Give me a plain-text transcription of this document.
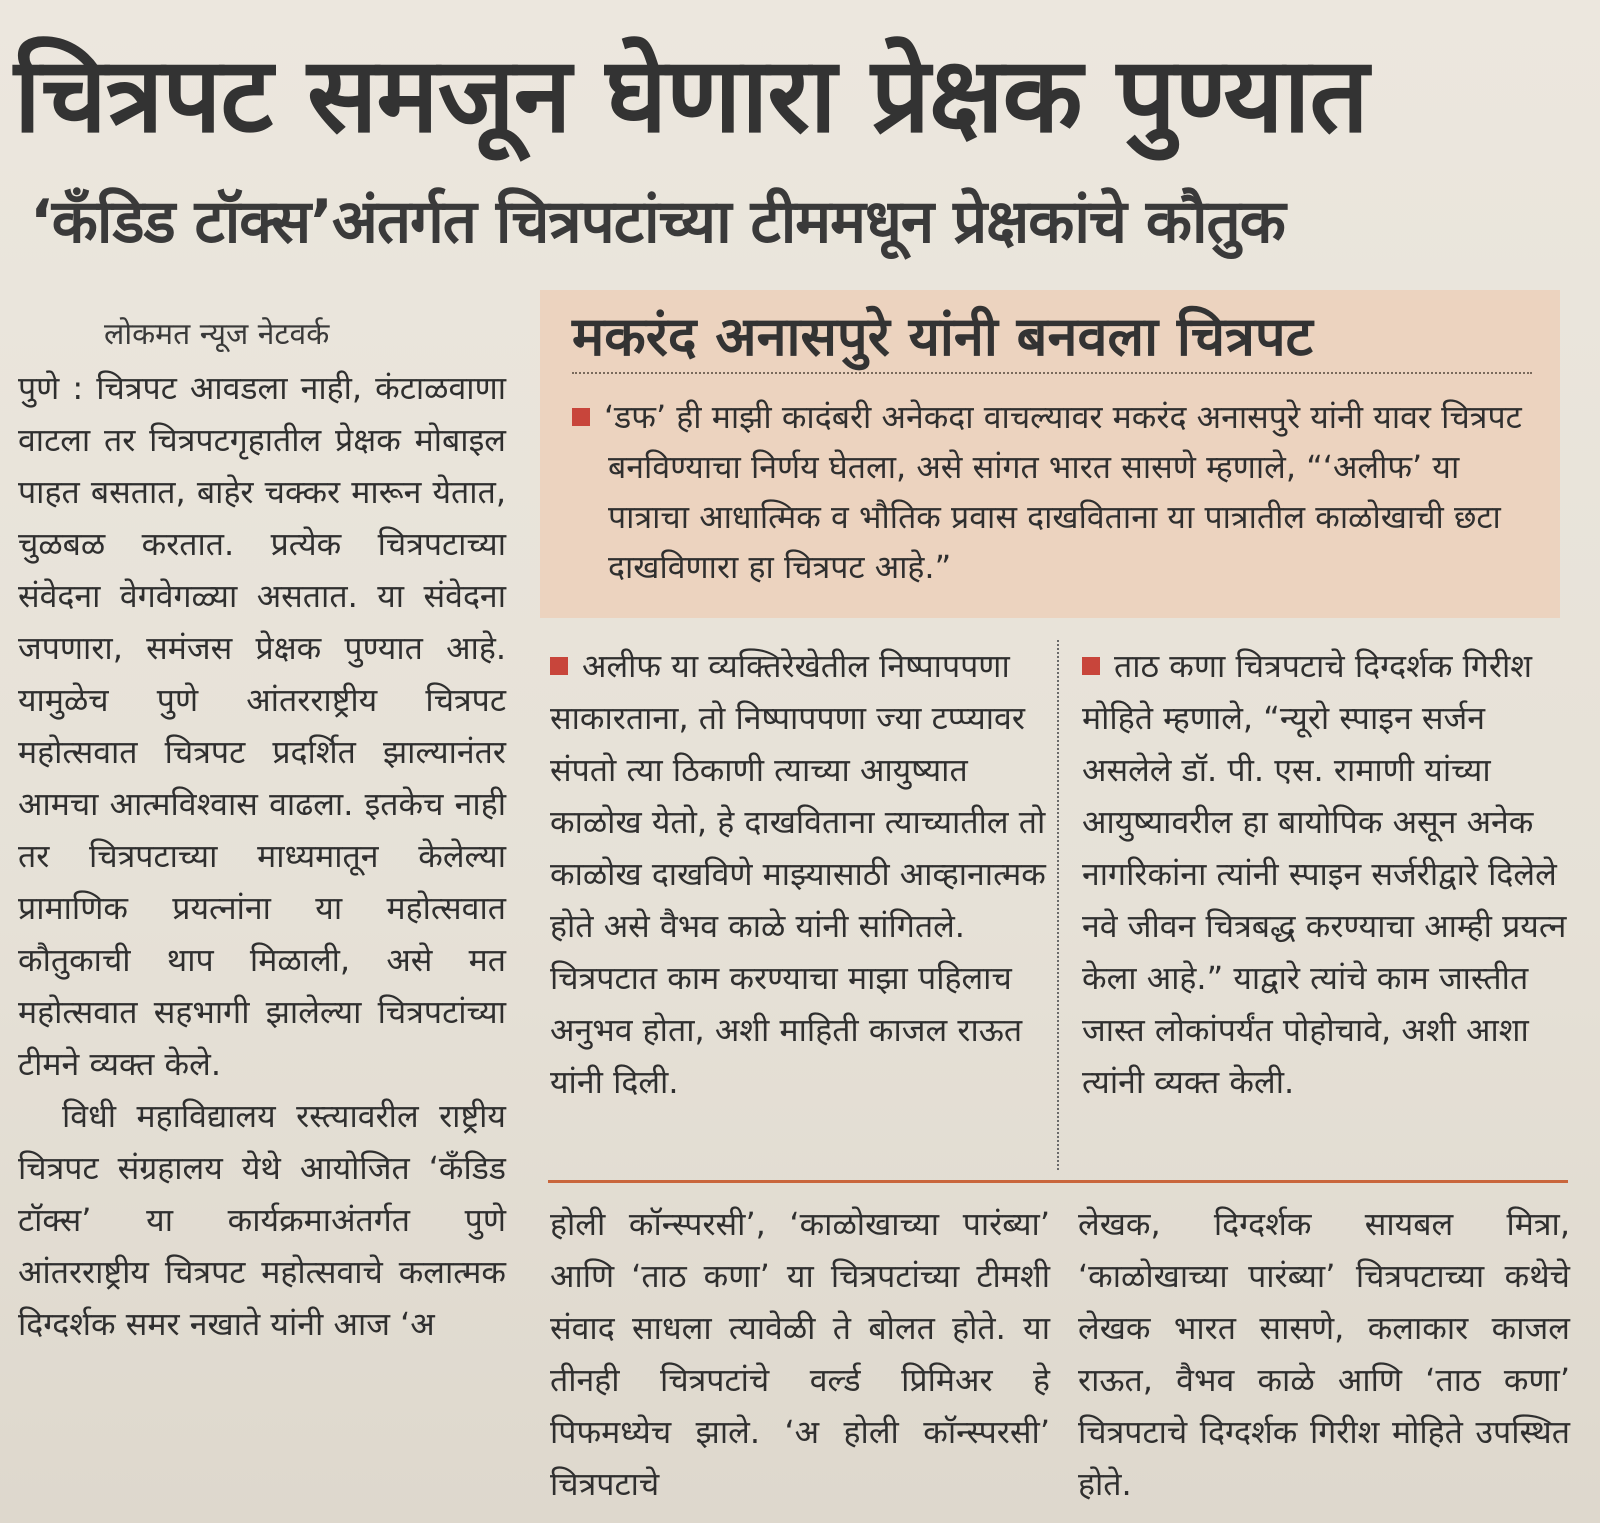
चित्रपट समजून घेणारा प्रेक्षक पुण्यात
‘कँडिड टॉक्स’अंतर्गत चित्रपटांच्या टीममधून प्रेक्षकांचे कौतुक
लोकमत न्यूज नेटवर्क

पुणे : चित्रपट आवडला नाही, कंटाळवाणा वाटला तर चित्रपटगृहातील प्रेक्षक मोबाइल पाहत बसतात, बाहेर चक्कर मारून येतात, चुळबळ करतात. प्रत्येक चित्रपटाच्या संवेदना वेगवेगळ्या असतात. या संवेदना जपणारा, समंजस प्रेक्षक पुण्यात आहे. यामुळेच पुणे आंतरराष्ट्रीय चित्रपट महोत्सवात चित्रपट प्रदर्शित झाल्यानंतर आमचा आत्मविश्वास वाढला. इतकेच नाही तर चित्रपटाच्या माध्यमातून केलेल्या प्रामाणिक प्रयत्नांना या महोत्सवात कौतुकाची थाप मिळाली, असे मत महोत्सवात सहभागी झालेल्या चित्रपटांच्या टीमने व्यक्त केले.

विधी महाविद्यालय रस्त्यावरील राष्ट्रीय चित्रपट संग्रहालय येथे आयोजित ‘कँडिड टॉक्स’ या कार्यक्रमाअंतर्गत पुणे आंतरराष्ट्रीय चित्रपट महोत्सवाचे कलात्मक दिग्दर्शक समर नखाते यांनी आज ‘अ

मकरंद अनासपुरे यांनी बनवला चित्रपट
‘डफ’ ही माझी कादंबरी अनेकदा वाचल्यावर मकरंद अनासपुरे यांनी यावर चित्रपट बनविण्याचा निर्णय घेतला, असे सांगत भारत सासणे म्हणाले, “‘अलीफ’ या पात्राचा आधात्मिक व भौतिक प्रवास दाखविताना या पात्रातील काळोखाची छटा दाखविणारा हा चित्रपट आहे.”

अलीफ या व्यक्तिरेखेतील निष्पापपणा साकारताना, तो निष्पापपणा ज्या टप्प्यावर संपतो त्या ठिकाणी त्याच्या आयुष्यात काळोख येतो, हे दाखविताना त्याच्यातील तो काळोख दाखविणे माझ्यासाठी आव्हानात्मक होते असे वैभव काळे यांनी सांगितले. चित्रपटात काम करण्याचा माझा पहिलाच अनुभव होता, अशी माहिती काजल राऊत यांनी दिली.

ताठ कणा चित्रपटाचे दिग्दर्शक गिरीश मोहिते म्हणाले, “न्यूरो स्पाइन सर्जन असलेले डॉ. पी. एस. रामाणी यांच्या आयुष्यावरील हा बायोपिक असून अनेक नागरिकांना त्यांनी स्पाइन सर्जरीद्वारे दिलेले नवे जीवन चित्रबद्ध करण्याचा आम्ही प्रयत्न केला आहे.” याद्वारे त्यांचे काम जास्तीत जास्त लोकांपर्यंत पोहोचावे, अशी आशा त्यांनी व्यक्त केली.

होली कॉन्स्परसी’, ‘काळोखाच्या पारंब्या’ आणि ‘ताठ कणा’ या चित्रपटांच्या टीमशी संवाद साधला त्यावेळी ते बोलत होते. या तीनही चित्रपटांचे वर्ल्ड प्रिमिअर हे पिफमध्येच झाले. ‘अ होली कॉन्स्परसी’ चित्रपटाचे

लेखक, दिग्दर्शक सायबल मित्रा, ‘काळोखाच्या पारंब्या’ चित्रपटाच्या कथेचे लेखक भारत सासणे, कलाकार काजल राऊत, वैभव काळे आणि ‘ताठ कणा’ चित्रपटाचे दिग्दर्शक गिरीश मोहिते उपस्थित होते.
